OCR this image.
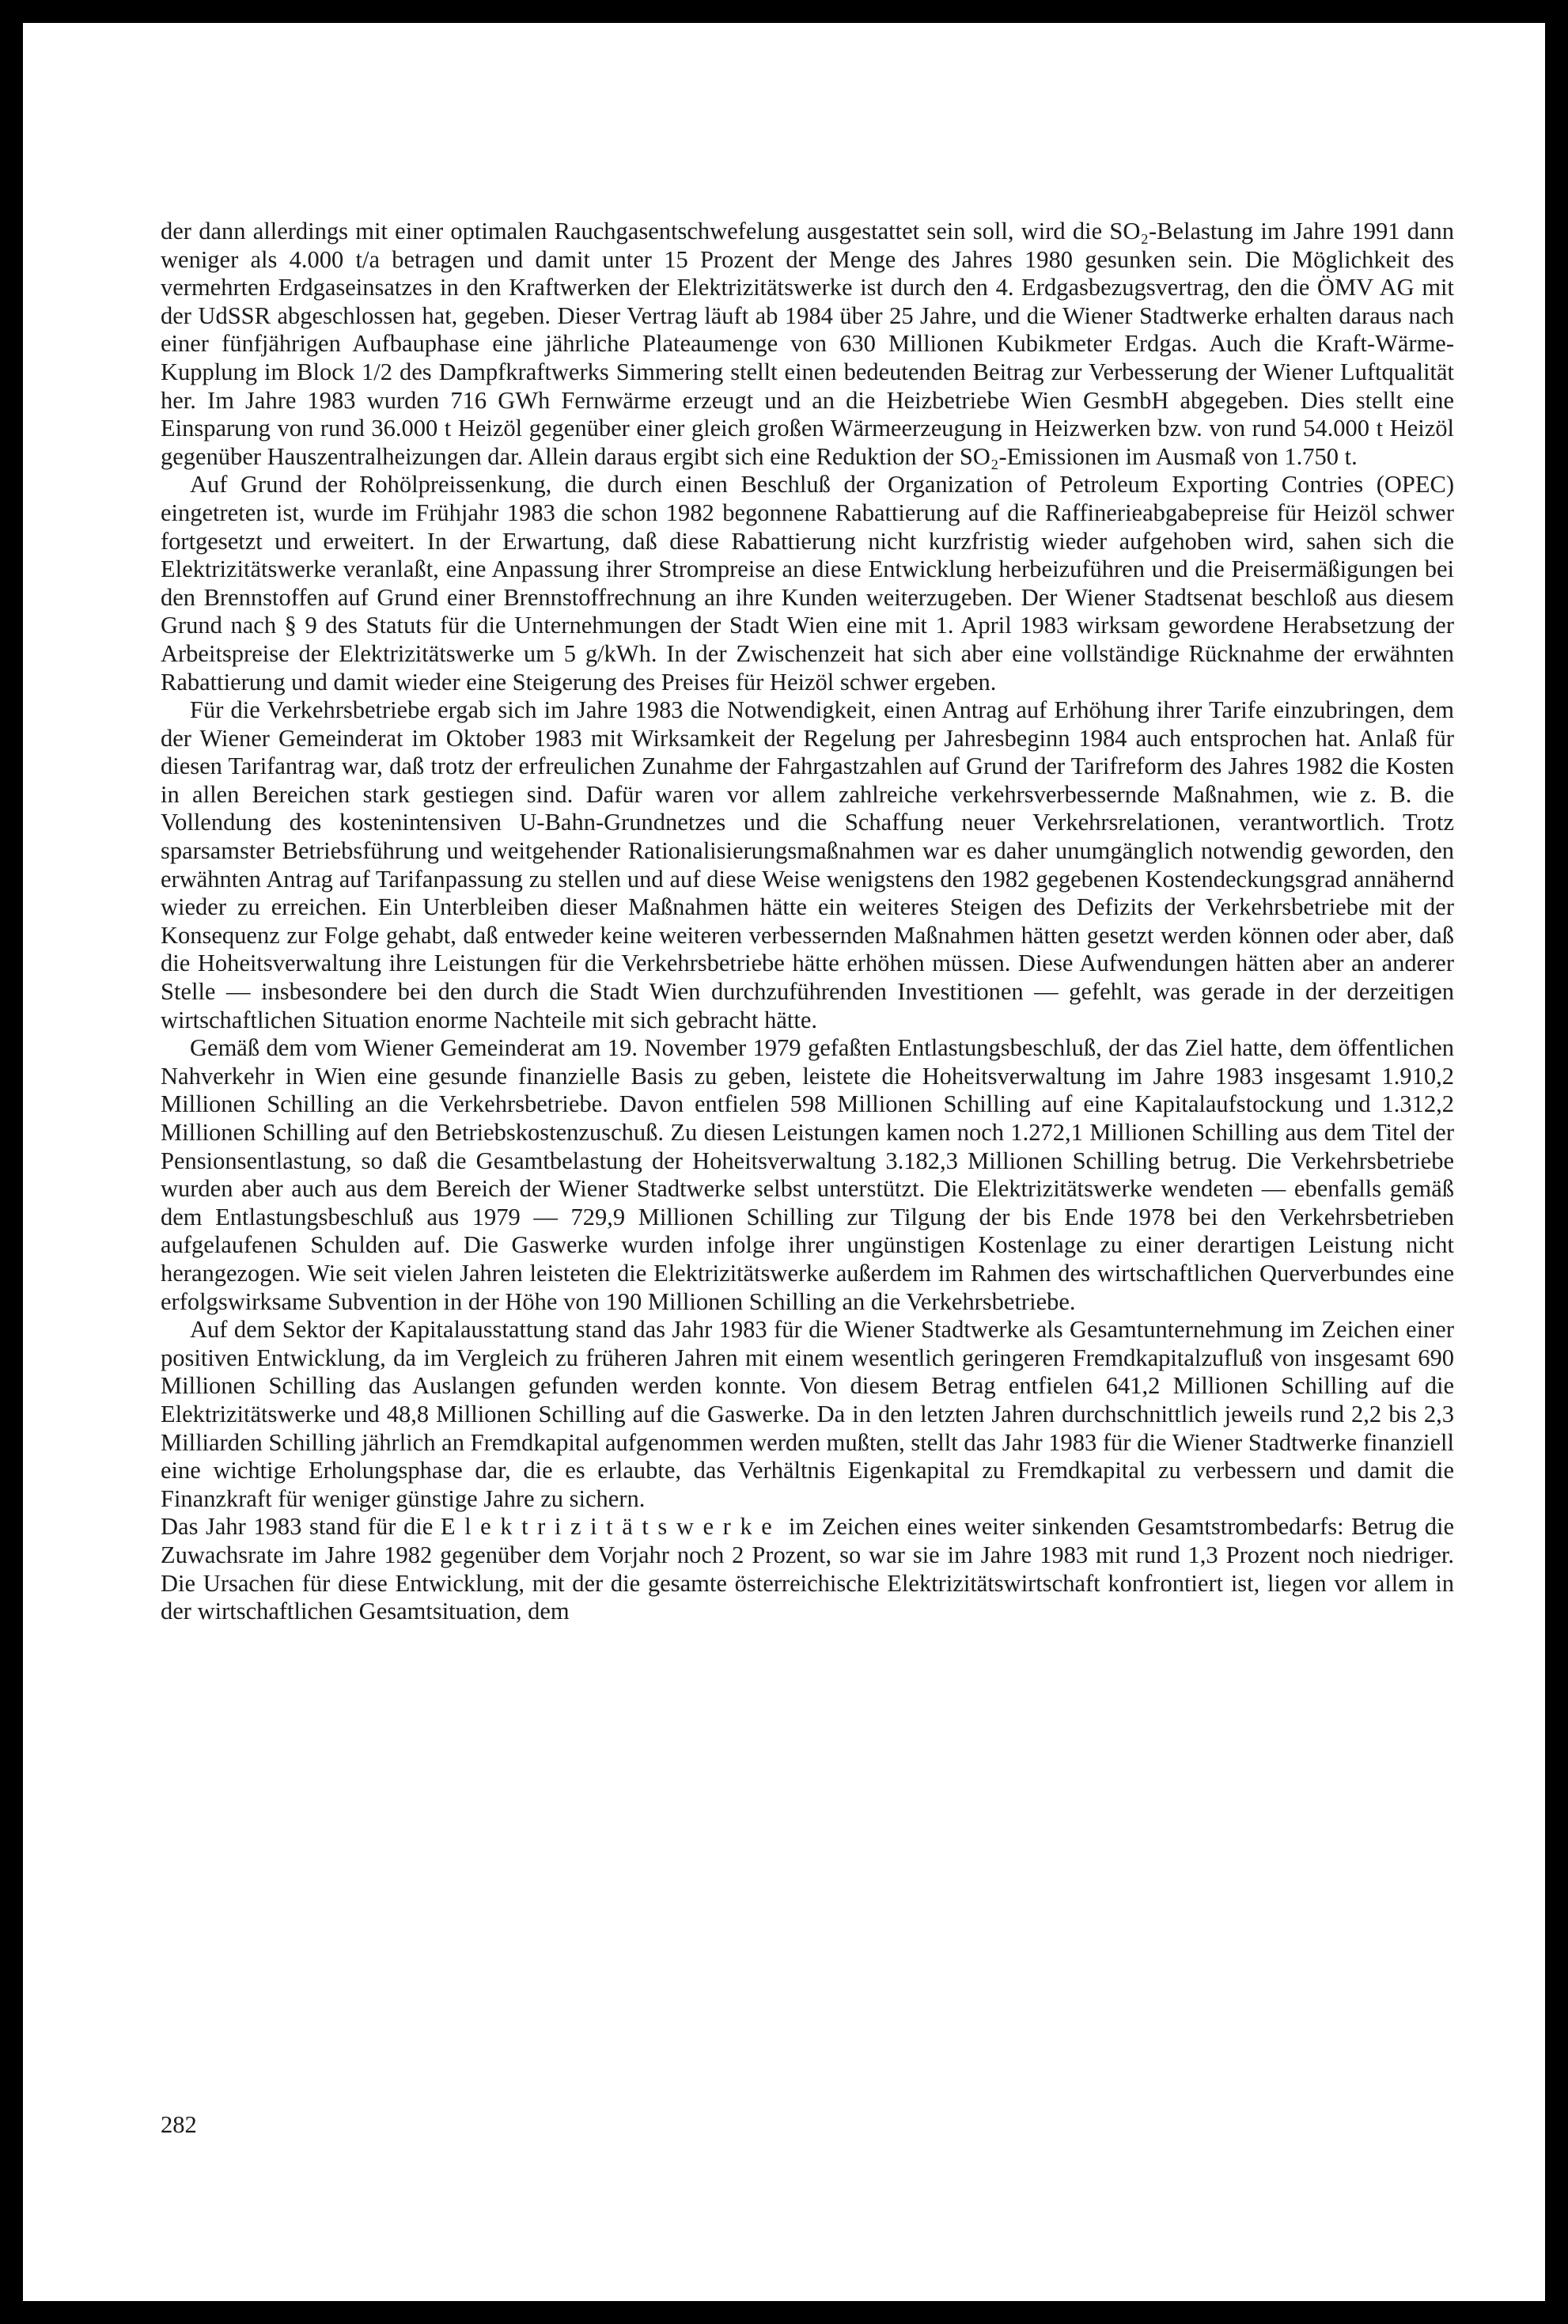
der dann allerdings mit einer optimalen Rauchgasentschwefelung ausgestattet sein soll, wird die SO₂-Belastung im Jahre 1991 dann weniger als 4.000 t/a betragen und damit unter 15 Prozent der Menge des Jahres 1980 gesunken sein. Die Möglichkeit des vermehrten Erdgaseinsatzes in den Kraftwerken der Elektrizitätswerke ist durch den 4. Erdgasbezugsvertrag, den die ÖMV AG mit der UdSSR abgeschlossen hat, gegeben. Dieser Vertrag läuft ab 1984 über 25 Jahre, und die Wiener Stadtwerke erhalten daraus nach einer fünfjährigen Aufbauphase eine jährliche Plateaumenge von 630 Millionen Kubikmeter Erdgas. Auch die Kraft-Wärme-Kupplung im Block 1/2 des Dampfkraftwerks Simmering stellt einen bedeutenden Beitrag zur Verbesserung der Wiener Luftqualität her. Im Jahre 1983 wurden 716 GWh Fernwärme erzeugt und an die Heizbetriebe Wien GesmbH abgegeben. Dies stellt eine Einsparung von rund 36.000 t Heizöl gegenüber einer gleich großen Wärmeerzeugung in Heizwerken bzw. von rund 54.000 t Heizöl gegenüber Hauszentralheizungen dar. Allein daraus ergibt sich eine Reduktion der SO₂-Emissionen im Ausmaß von 1.750 t.

Auf Grund der Rohölpreissenkung, die durch einen Beschluß der Organization of Petroleum Exporting Contries (OPEC) eingetreten ist, wurde im Frühjahr 1983 die schon 1982 begonnene Rabattierung auf die Raffinerieabgabepreise für Heizöl schwer fortgesetzt und erweitert. In der Erwartung, daß diese Rabattierung nicht kurzfristig wieder aufgehoben wird, sahen sich die Elektrizitätswerke veranlaßt, eine Anpassung ihrer Strompreise an diese Entwicklung herbeizuführen und die Preisermäßigungen bei den Brennstoffen auf Grund einer Brennstoffrechnung an ihre Kunden weiterzugeben. Der Wiener Stadtsenat beschloß aus diesem Grund nach § 9 des Statuts für die Unternehmungen der Stadt Wien eine mit 1. April 1983 wirksam gewordene Herabsetzung der Arbeitspreise der Elektrizitätswerke um 5 g/kWh. In der Zwischenzeit hat sich aber eine vollständige Rücknahme der erwähnten Rabattierung und damit wieder eine Steigerung des Preises für Heizöl schwer ergeben.

Für die Verkehrsbetriebe ergab sich im Jahre 1983 die Notwendigkeit, einen Antrag auf Erhöhung ihrer Tarife einzubringen, dem der Wiener Gemeinderat im Oktober 1983 mit Wirksamkeit der Regelung per Jahresbeginn 1984 auch entsprochen hat. Anlaß für diesen Tarifantrag war, daß trotz der erfreulichen Zunahme der Fahrgastzahlen auf Grund der Tarifreform des Jahres 1982 die Kosten in allen Bereichen stark gestiegen sind. Dafür waren vor allem zahlreiche verkehrsverbessernde Maßnahmen, wie z. B. die Vollendung des kostenintensiven U-Bahn-Grundnetzes und die Schaffung neuer Verkehrsrelationen, verantwortlich. Trotz sparsamster Betriebsführung und weitgehender Rationalisierungsmaßnahmen war es daher unumgänglich notwendig geworden, den erwähnten Antrag auf Tarifanpassung zu stellen und auf diese Weise wenigstens den 1982 gegebenen Kostendeckungsgrad annähernd wieder zu erreichen. Ein Unterbleiben dieser Maßnahmen hätte ein weiteres Steigen des Defizits der Verkehrsbetriebe mit der Konsequenz zur Folge gehabt, daß entweder keine weiteren verbessernden Maßnahmen hätten gesetzt werden können oder aber, daß die Hoheitsverwaltung ihre Leistungen für die Verkehrsbetriebe hätte erhöhen müssen. Diese Aufwendungen hätten aber an anderer Stelle — insbesondere bei den durch die Stadt Wien durchzuführenden Investitionen — gefehlt, was gerade in der derzeitigen wirtschaftlichen Situation enorme Nachteile mit sich gebracht hätte.

Gemäß dem vom Wiener Gemeinderat am 19. November 1979 gefaßten Entlastungsbeschluß, der das Ziel hatte, dem öffentlichen Nahverkehr in Wien eine gesunde finanzielle Basis zu geben, leistete die Hoheitsverwaltung im Jahre 1983 insgesamt 1.910,2 Millionen Schilling an die Verkehrsbetriebe. Davon entfielen 598 Millionen Schilling auf eine Kapitalaufstockung und 1.312,2 Millionen Schilling auf den Betriebskostenzuschuß. Zu diesen Leistungen kamen noch 1.272,1 Millionen Schilling aus dem Titel der Pensionsentlastung, so daß die Gesamtbelastung der Hoheitsverwaltung 3.182,3 Millionen Schilling betrug. Die Verkehrsbetriebe wurden aber auch aus dem Bereich der Wiener Stadtwerke selbst unterstützt. Die Elektrizitätswerke wendeten — ebenfalls gemäß dem Entlastungsbeschluß aus 1979 — 729,9 Millionen Schilling zur Tilgung der bis Ende 1978 bei den Verkehrsbetrieben aufgelaufenen Schulden auf. Die Gaswerke wurden infolge ihrer ungünstigen Kostenlage zu einer derartigen Leistung nicht herangezogen. Wie seit vielen Jahren leisteten die Elektrizitätswerke außerdem im Rahmen des wirtschaftlichen Querverbundes eine erfolgswirksame Subvention in der Höhe von 190 Millionen Schilling an die Verkehrsbetriebe.

Auf dem Sektor der Kapitalausstattung stand das Jahr 1983 für die Wiener Stadtwerke als Gesamtunternehmung im Zeichen einer positiven Entwicklung, da im Vergleich zu früheren Jahren mit einem wesentlich geringeren Fremdkapitalzufluß von insgesamt 690 Millionen Schilling das Auslangen gefunden werden konnte. Von diesem Betrag entfielen 641,2 Millionen Schilling auf die Elektrizitätswerke und 48,8 Millionen Schilling auf die Gaswerke. Da in den letzten Jahren durchschnittlich jeweils rund 2,2 bis 2,3 Milliarden Schilling jährlich an Fremdkapital aufgenommen werden mußten, stellt das Jahr 1983 für die Wiener Stadtwerke finanziell eine wichtige Erholungsphase dar, die es erlaubte, das Verhältnis Eigenkapital zu Fremdkapital zu verbessern und damit die Finanzkraft für weniger günstige Jahre zu sichern.

Das Jahr 1983 stand für die Elektrizitätswerke im Zeichen eines weiter sinkenden Gesamtstrombedarfs: Betrug die Zuwachsrate im Jahre 1982 gegenüber dem Vorjahr noch 2 Prozent, so war sie im Jahre 1983 mit rund 1,3 Prozent noch niedriger. Die Ursachen für diese Entwicklung, mit der die gesamte österreichische Elektrizitätswirtschaft konfrontiert ist, liegen vor allem in der wirtschaftlichen Gesamtsituation, dem

282
